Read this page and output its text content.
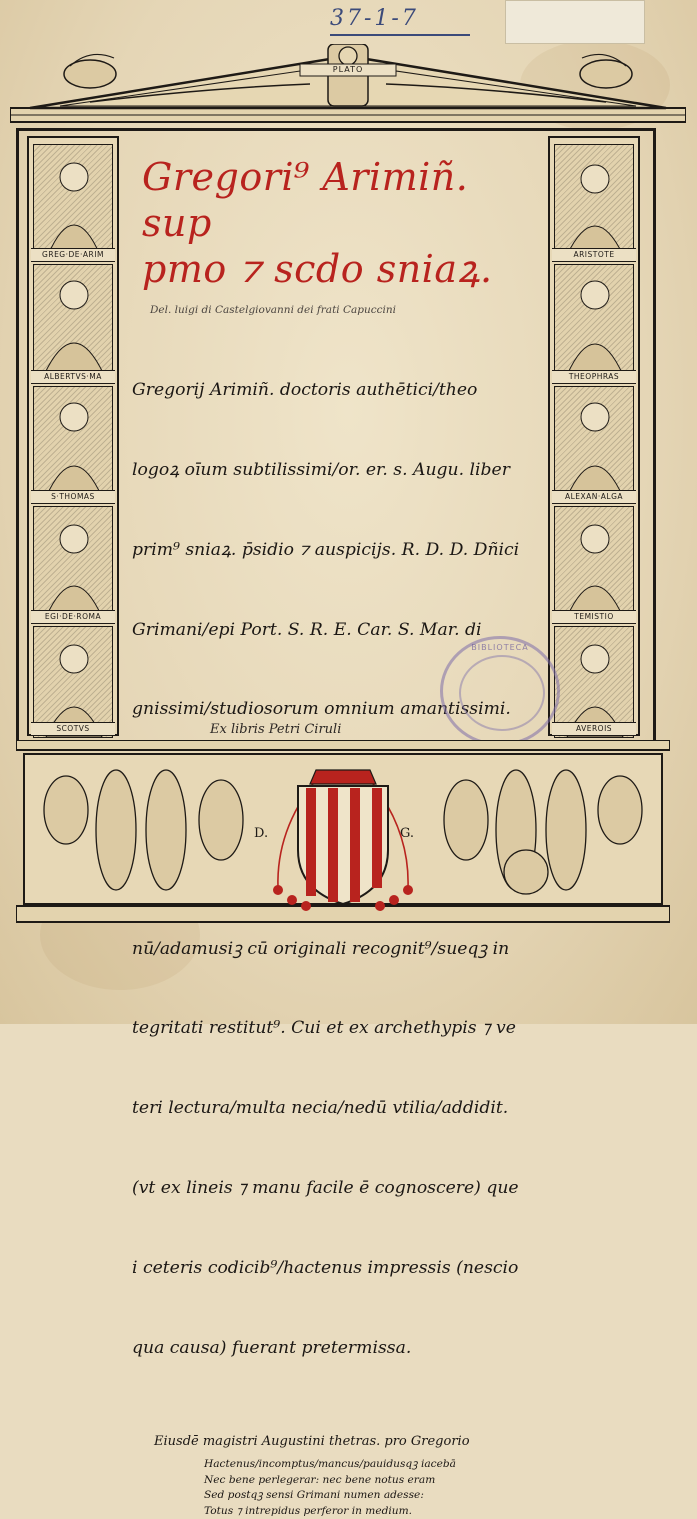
37-1-7
PLATO
GREG·DE·ARIM
ALBERTVS·MA
S·THOMAS
EGI·DE·ROMA
SCOTVS
ARISTOTE
THEOPHRAS
ALEXAN·ALGA
TEMISTIO
AVEROIS
Gregori⁹ Arimiñ. sup
pmo ⁊ scdo sniaꝝ.
Del. luigi di Castelgiovanni dei frati Capuccini

Gregorij Arimiñ. doctoris authētici/theo

logoꝝ oīum subtilissimi/or. er. s. Augu. liber

prim⁹ sniaꝝ. p̄sidio ⁊ auspicijs. R. D. D. Dñici

Grimani/epi Port. S. R. E. Car. S. Mar. di

gnissimi/studiosorum omnium amantissimi.

nū/adamusiꝫ cū originali recognit⁹/sueqꝫ in

tegritati restitut⁹. Cui et ex archethypis ⁊ ve

teri lectura/multa necia/nedū vtilia/addidit.

(vt ex lineis ⁊ manu facile ē cognoscere) que

i ceteris codicib⁹/hactenus impressis (nescio

qua causa) fuerant pretermissa.

Eiusdē magistri Augustini thetras. pro Gregorio
Hactenus/incomptus/mancus/pauidusqꝫ iacebā
Nec bene perlegerar: nec bene notus eram
Sed postqꝫ sensi Grimani numen adesse:
Totus ⁊ intrepidus perferor in medium.
BIBLIOTECA
Ex libris Petri Ciruli
D.	G.
